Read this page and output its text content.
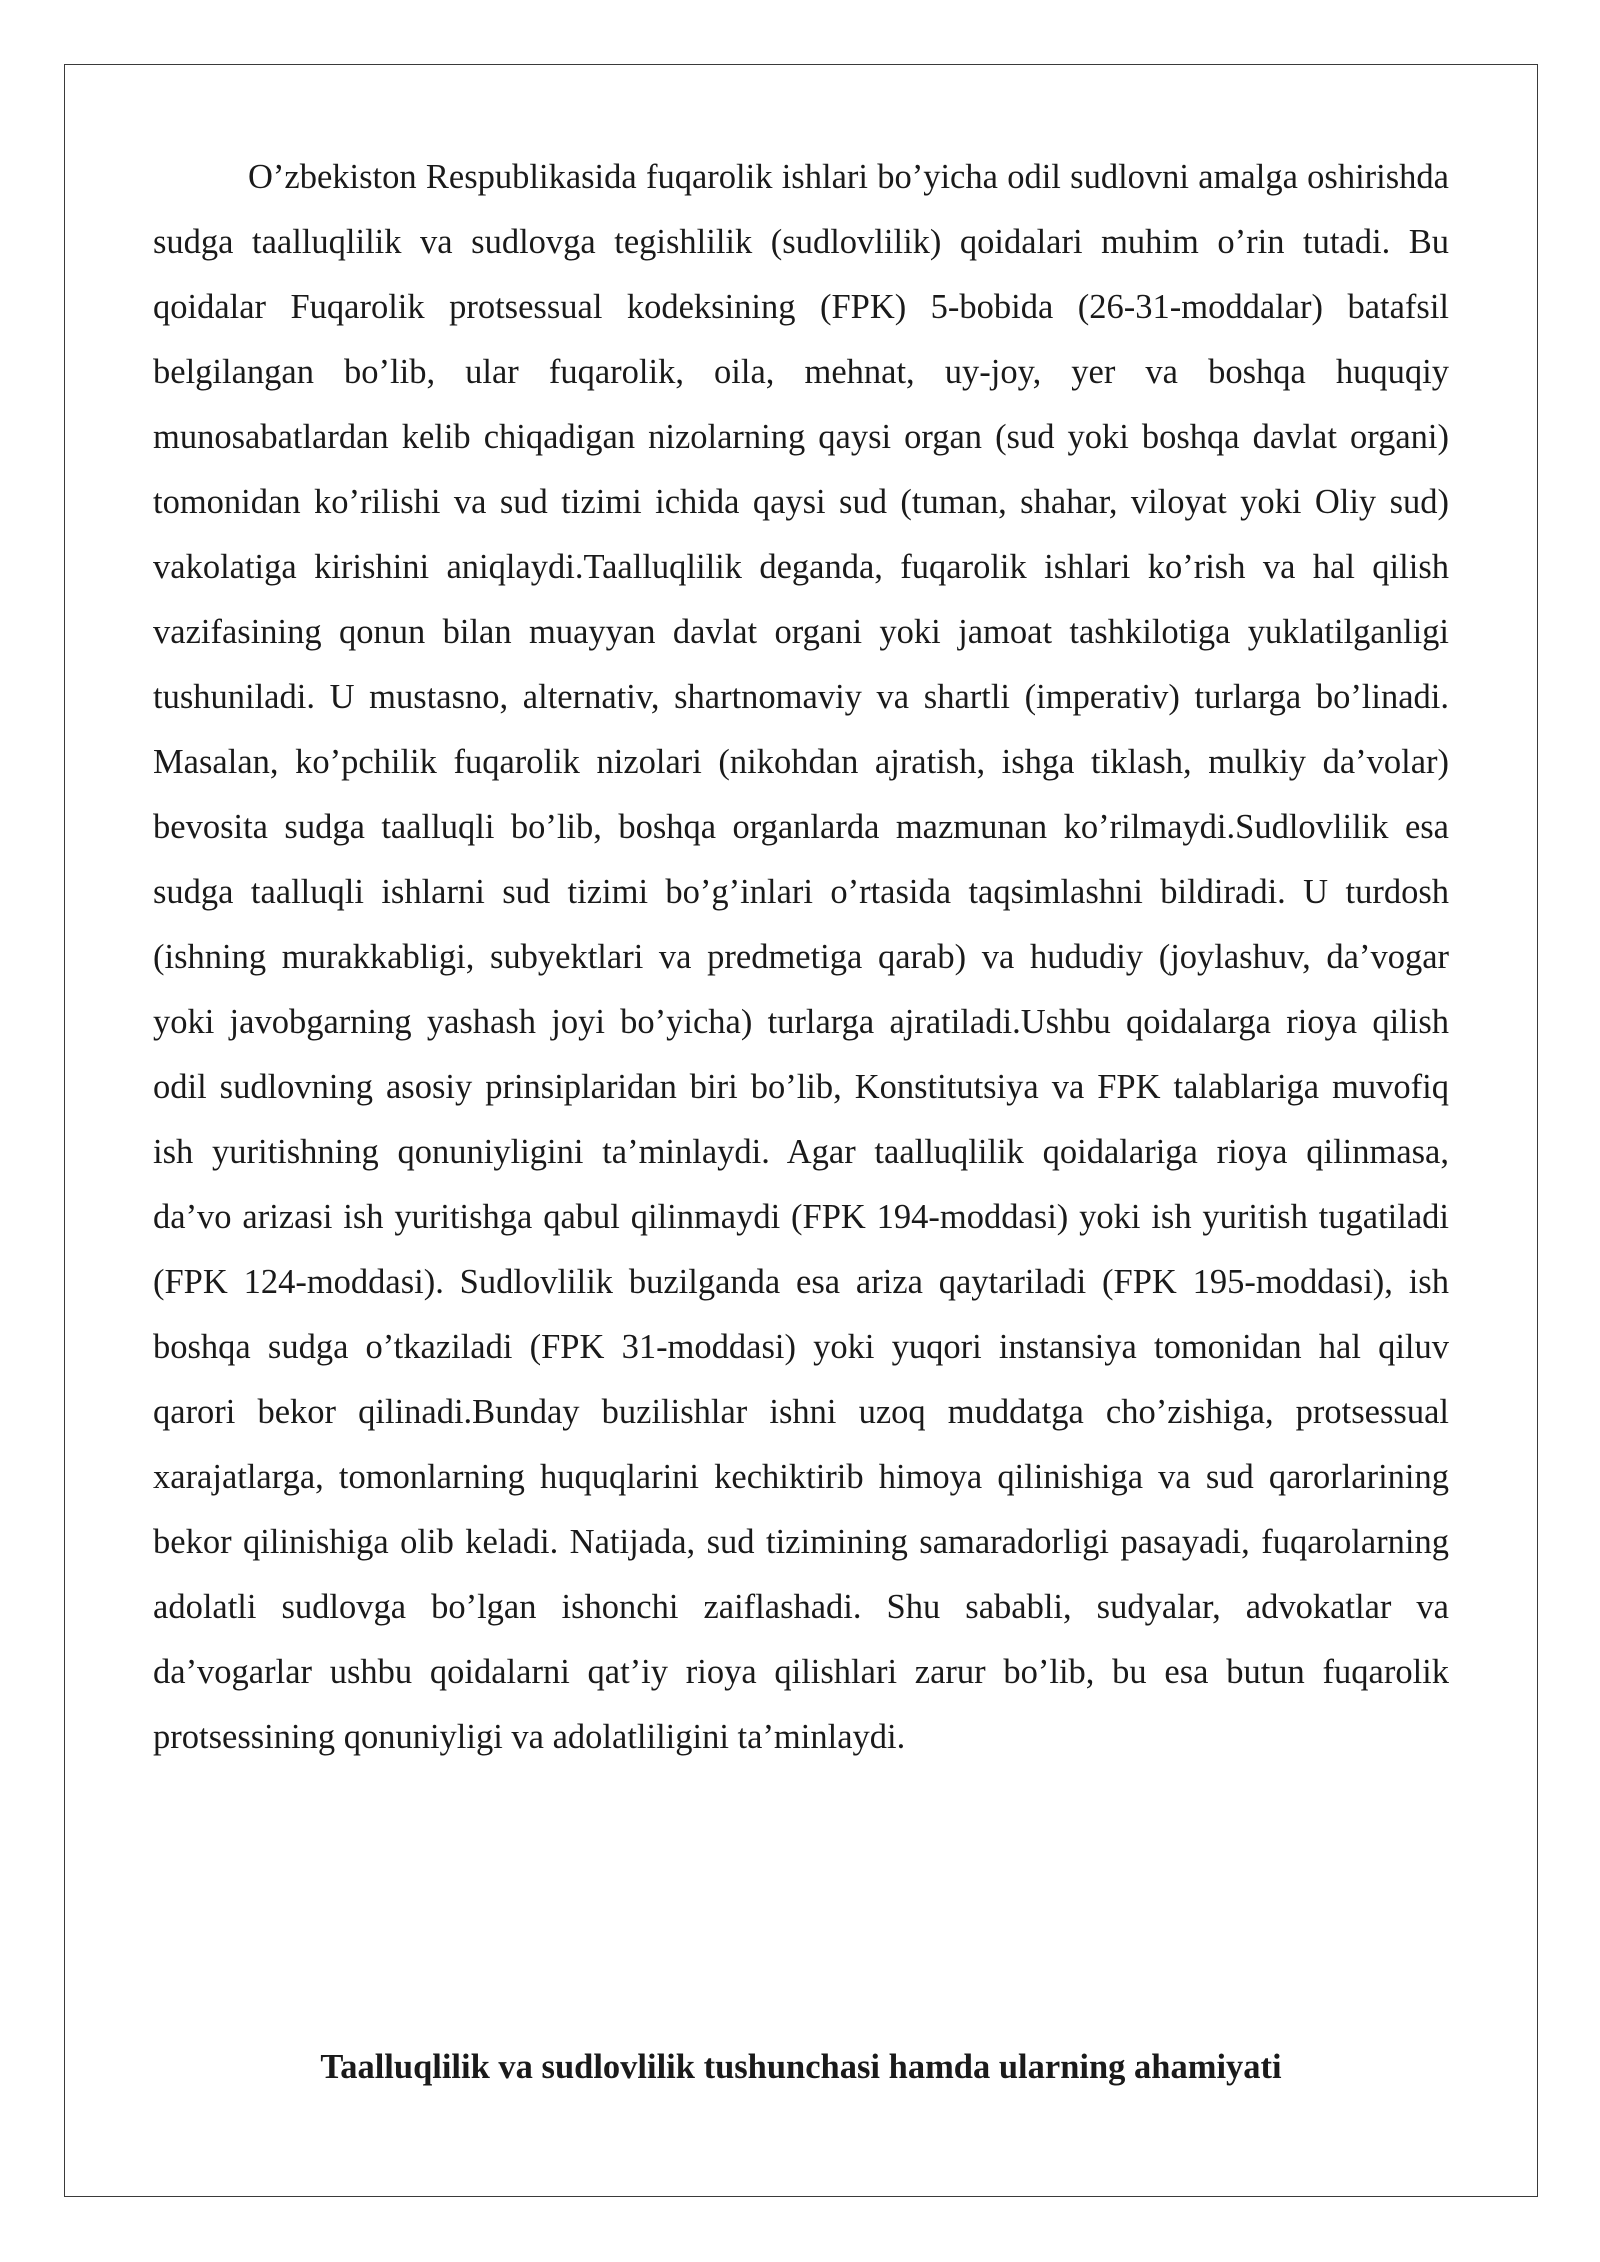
O’zbekiston Respublikasida fuqarolik ishlari bo’yicha odil sudlovni amalga oshirishda sudga taalluqlilik va sudlovga tegishlilik (sudlovlilik) qoidalari muhim o’rin tutadi. Bu qoidalar Fuqarolik protsessual kodeksining (FPK) 5-bobida (26-31-moddalar) batafsil belgilangan bo’lib, ular fuqarolik, oila, mehnat, uy-joy, yer va boshqa huquqiy munosabatlardan kelib chiqadigan nizolarning qaysi organ (sud yoki boshqa davlat organi) tomonidan ko’rilishi va sud tizimi ichida qaysi sud (tuman, shahar, viloyat yoki Oliy sud) vakolatiga kirishini aniqlaydi.Taalluqlilik deganda, fuqarolik ishlari ko’rish va hal qilish vazifasining qonun bilan muayyan davlat organi yoki jamoat tashkilotiga yuklatilganligi tushuniladi. U mustasno, alternativ, shartnomaviy va shartli (imperativ) turlarga bo’linadi. Masalan, ko’pchilik fuqarolik nizolari (nikohdan ajratish, ishga tiklash, mulkiy da’volar) bevosita sudga taalluqli bo’lib, boshqa organlarda mazmunan ko’rilmaydi.Sudlovlilik esa sudga taalluqli ishlarni sud tizimi bo’g’inlari o’rtasida taqsimlashni bildiradi. U turdosh (ishning murakkabligi, subyektlari va predmetiga qarab) va hududiy (joylashuv, da’vogar yoki javobgarning yashash joyi bo’yicha) turlarga ajratiladi.Ushbu qoidalarga rioya qilish odil sudlovning asosiy prinsiplaridan biri bo’lib, Konstitutsiya va FPK talablariga muvofiq ish yuritishning qonuniyligini ta’minlaydi. Agar taalluqlilik qoidalariga rioya qilinmasa, da’vo arizasi ish yuritishga qabul qilinmaydi (FPK 194-moddasi) yoki ish yuritish tugatiladi (FPK 124-moddasi). Sudlovlilik buzilganda esa ariza qaytariladi (FPK 195-moddasi), ish boshqa sudga o’tkaziladi (FPK 31-moddasi) yoki yuqori instansiya tomonidan hal qiluv qarori bekor qilinadi.Bunday buzilishlar ishni uzoq muddatga cho’zishiga, protsessual xarajatlarga, tomonlarning huquqlarini kechiktirib himoya qilinishiga va sud qarorlarining bekor qilinishiga olib keladi. Natijada, sud tizimining samaradorligi pasayadi, fuqarolarning adolatli sudlovga bo’lgan ishonchi zaiflashadi. Shu sababli, sudyalar, advokatlar va da’vogarlar ushbu qoidalarni qat’iy rioya qilishlari zarur bo’lib, bu esa butun fuqarolik protsessining qonuniyligi va adolatliligini ta’minlaydi.

Taalluqlilik va sudlovlilik tushunchasi hamda ularning ahamiyati
